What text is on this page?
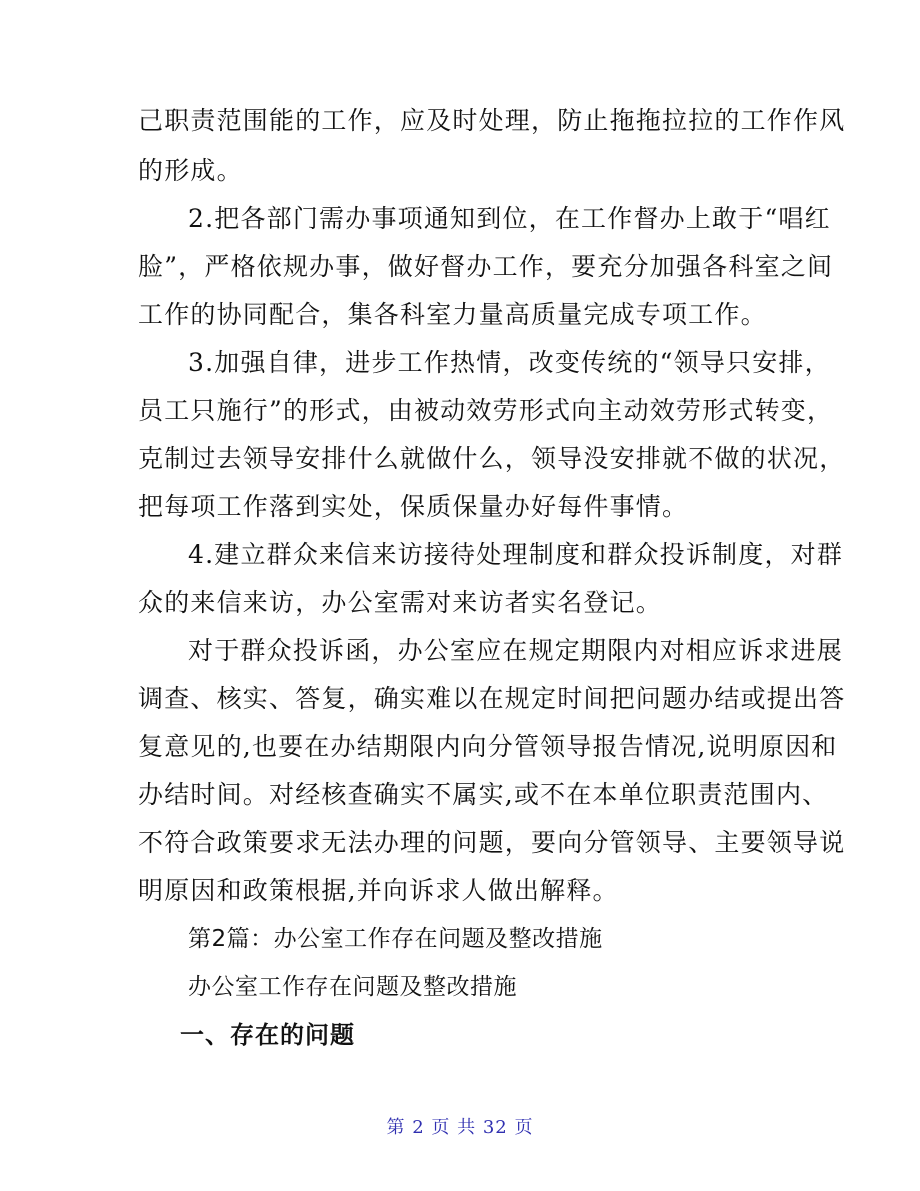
己职责范围能的工作，应及时处理，防止拖拖拉拉的工作作风
的形成。
2.把各部门需办事项通知到位，在工作督办上敢于“唱红
脸”，严格依规办事，做好督办工作，要充分加强各科室之间
工作的协同配合，集各科室力量高质量完成专项工作。
3.加强自律，进步工作热情，改变传统的“领导只安排，
员工只施行”的形式，由被动效劳形式向主动效劳形式转变，
克制过去领导安排什么就做什么，领导没安排就不做的状况，
把每项工作落到实处，保质保量办好每件事情。
4.建立群众来信来访接待处理制度和群众投诉制度，对群
众的来信来访，办公室需对来访者实名登记。
对于群众投诉函，办公室应在规定期限内对相应诉求进展
调查、核实、答复，确实难以在规定时间把问题办结或提出答
复意见的,也要在办结期限内向分管领导报告情况,说明原因和
办结时间。对经核查确实不属实,或不在本单位职责范围内、
不符合政策要求无法办理的问题，要向分管领导、主要领导说
明原因和政策根据,并向诉求人做出解释。
第2篇：办公室工作存在问题及整改措施
办公室工作存在问题及整改措施
一、存在的问题
第 2 页 共 32 页
